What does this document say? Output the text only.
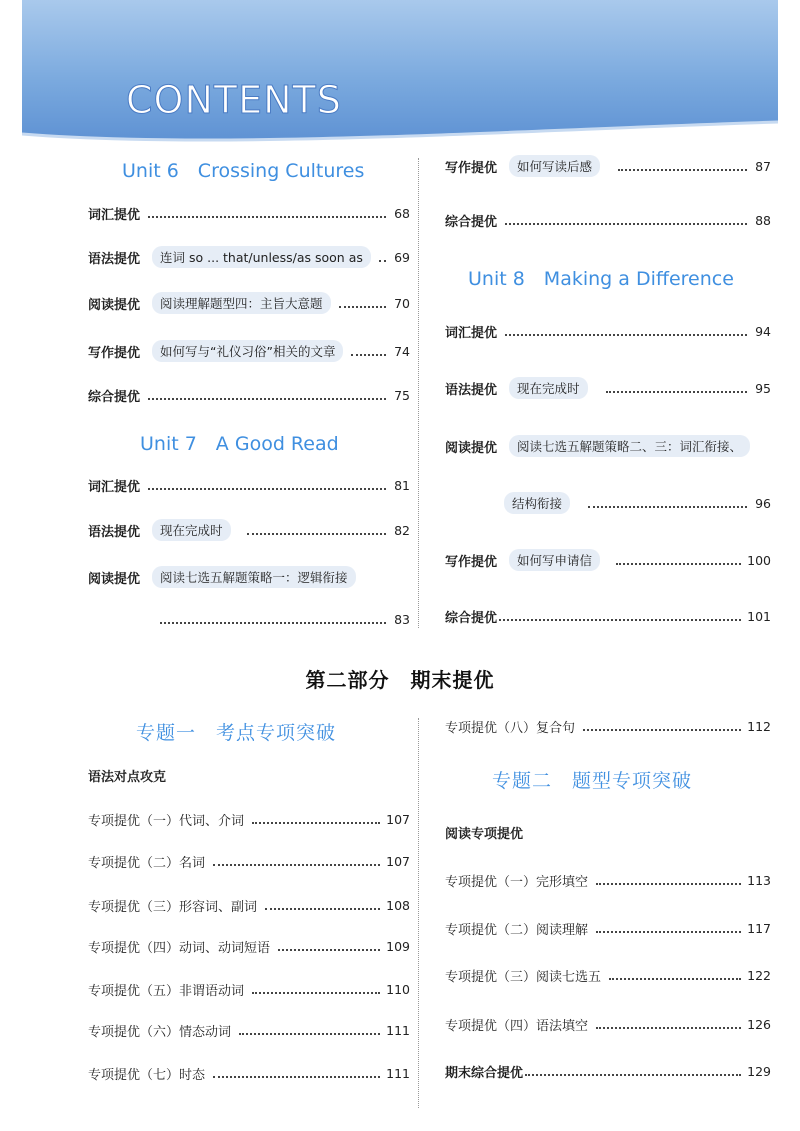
CONTENTS
Unit 6　Crossing Cultures
词汇提优	68
语法提优	连词 so ... that/unless/as soon as	69
阅读提优	阅读理解题型四：主旨大意题	70
写作提优	如何写与“礼仪习俗”相关的文章	74
综合提优	75
Unit 7　A Good Read
词汇提优	81
语法提优	现在完成时	82
阅读提优	阅读七选五解题策略一：逻辑衔接
83
写作提优	如何写读后感	87
综合提优	88
Unit 8　Making a Difference
词汇提优	94
语法提优	现在完成时	95
阅读提优	阅读七选五解题策略二、三：词汇衔接、
结构衔接	96
写作提优	如何写申请信	100
综合提优	101
第二部分　期末提优
专题一　考点专项突破
语法对点攻克
专项提优（一）代词、介词	107
专项提优（二）名词	107
专项提优（三）形容词、副词	108
专项提优（四）动词、动词短语	109
专项提优（五）非谓语动词	110
专项提优（六）情态动词	111
专项提优（七）时态	111
专项提优（八）复合句	112
专题二　题型专项突破
阅读专项提优
专项提优（一）完形填空	113
专项提优（二）阅读理解	117
专项提优（三）阅读七选五	122
专项提优（四）语法填空	126
期末综合提优	129
